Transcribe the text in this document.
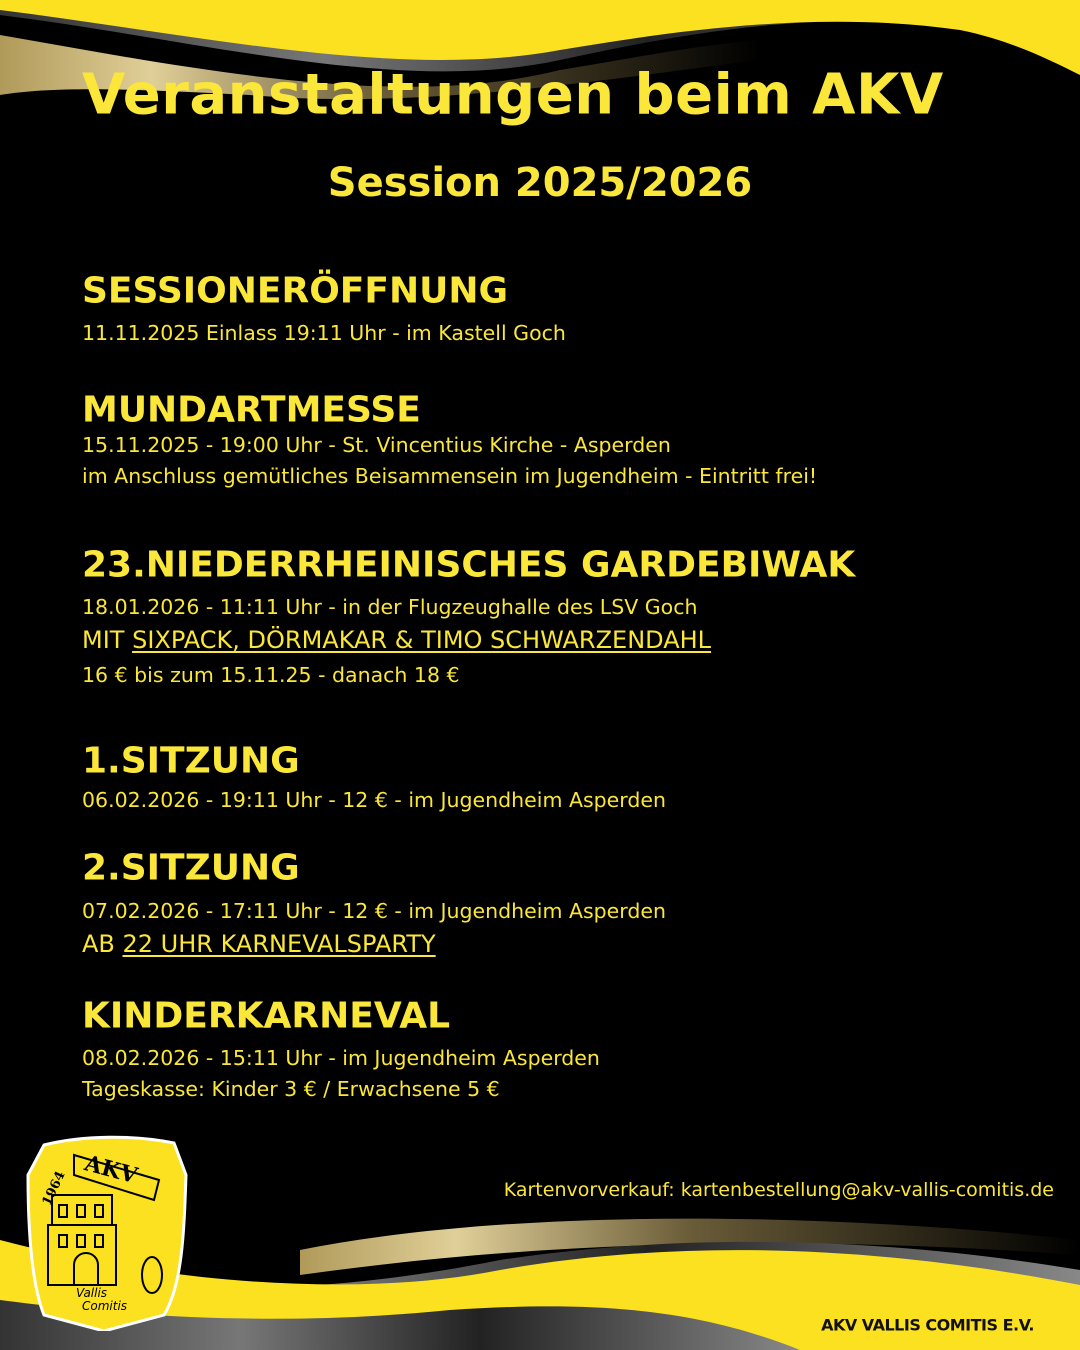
Veranstaltungen beim AKV
Session 2025/2026
SESSIONERÖFFNUNG
11.11.2025 Einlass 19:11 Uhr - im Kastell Goch
MUNDARTMESSE
15.11.2025 - 19:00 Uhr - St. Vincentius Kirche - Asperden
im Anschluss gemütliches Beisammensein im Jugendheim - Eintritt frei!
23.NIEDERRHEINISCHES GARDEBIWAK
18.01.2026 - 11:11 Uhr - in der Flugzeughalle des LSV Goch
MIT SIXPACK, DÖRMAKAR & TIMO SCHWARZENDAHL
16 € bis zum 15.11.25 - danach 18 €
1.SITZUNG
06.02.2026 - 19:11 Uhr - 12 € - im Jugendheim Asperden
2.SITZUNG
07.02.2026 - 17:11 Uhr - 12 € - im Jugendheim Asperden
AB 22 UHR KARNEVALSPARTY
KINDERKARNEVAL
08.02.2026 - 15:11 Uhr - im Jugendheim Asperden
Tageskasse: Kinder 3 € / Erwachsene 5 €
Kartenvorverkauf: kartenbestellung@akv-vallis-comitis.de
AKV VALLIS COMITIS E.V.
AKV
1964
Vallis
Comitis
